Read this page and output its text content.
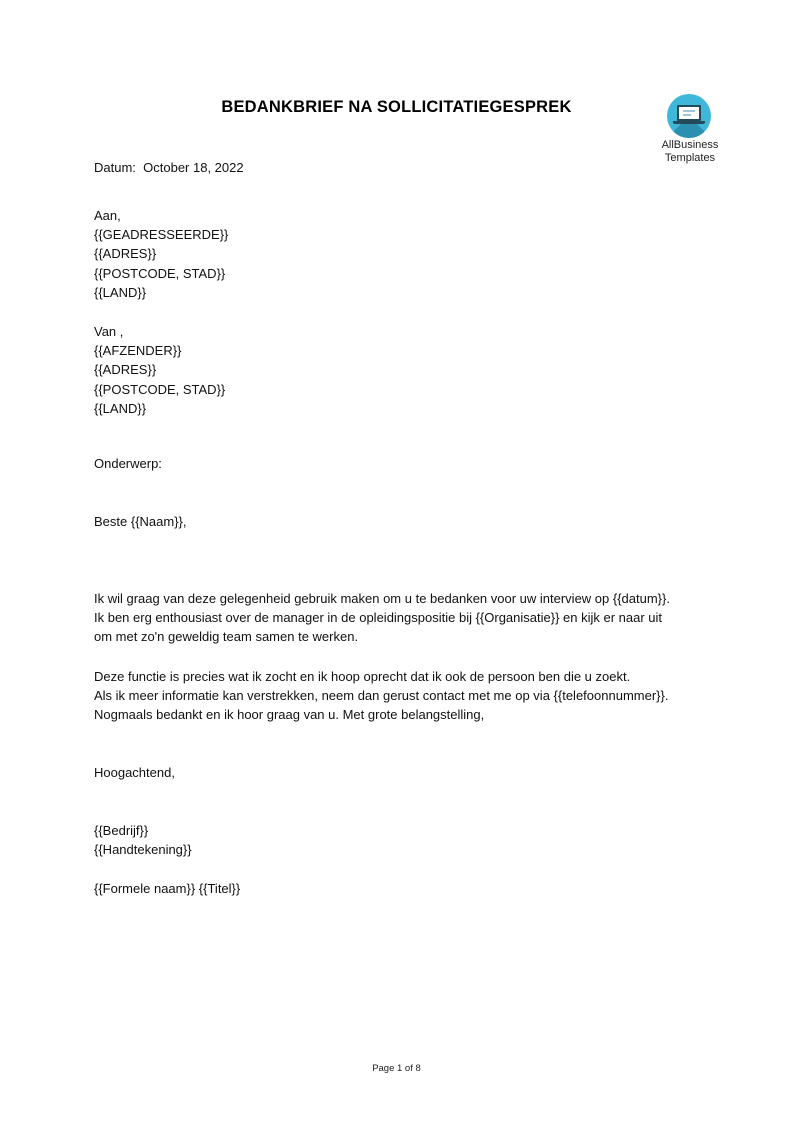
BEDANKBRIEF NA SOLLICITATIEGESPREK
AllBusiness
Templates
Datum: October 18, 2022
Aan,
{{GEADRESSEERDE}}
{{ADRES}}
{{POSTCODE, STAD}}
{{LAND}}
Van ,
{{AFZENDER}}
{{ADRES}}
{{POSTCODE, STAD}}
{{LAND}}
Onderwerp:
Beste {{Naam}},
Ik wil graag van deze gelegenheid gebruik maken om u te bedanken voor uw interview op {{datum}}.
Ik ben erg enthousiast over de manager in de opleidingspositie bij {{Organisatie}} en kijk er naar uit
om met zo'n geweldig team samen te werken.
Deze functie is precies wat ik zocht en ik hoop oprecht dat ik ook de persoon ben die u zoekt.
Als ik meer informatie kan verstrekken, neem dan gerust contact met me op via {{telefoonnummer}}.
Nogmaals bedankt en ik hoor graag van u. Met grote belangstelling,
Hoogachtend,
{{Bedrijf}}
{{Handtekening}}
{{Formele naam}} {{Titel}}
Page 1 of 8
